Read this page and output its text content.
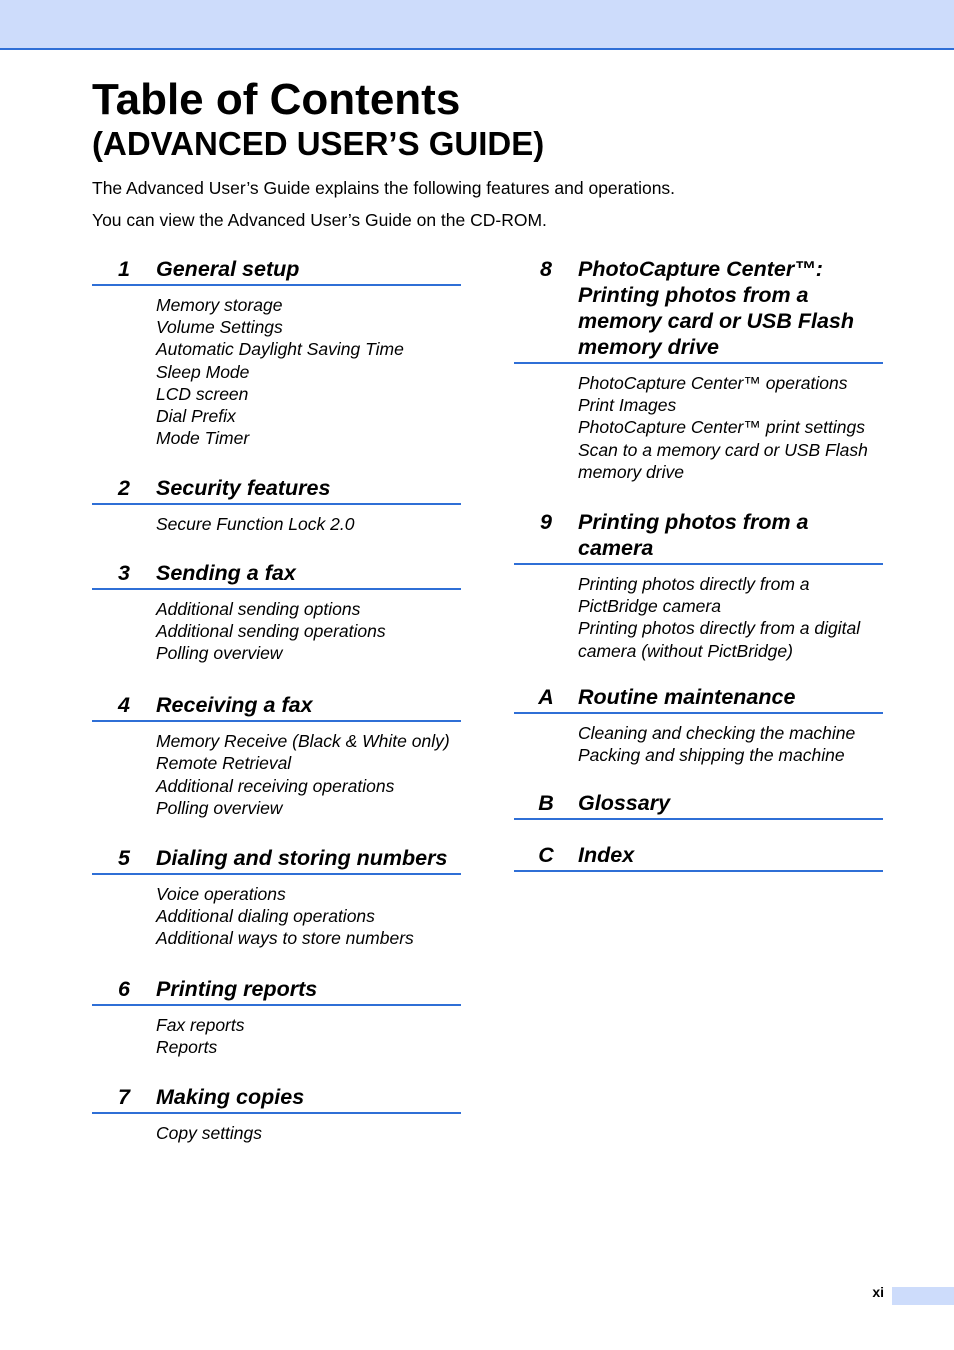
Table of Contents
(ADVANCED USER’S GUIDE)

The Advanced User’s Guide explains the following features and operations.

You can view the Advanced User’s Guide on the CD-ROM.

1	General setup
Memory storage
Volume Settings
Automatic Daylight Saving Time
Sleep Mode
LCD screen
Dial Prefix
Mode Timer
2	Security features
Secure Function Lock 2.0
3	Sending a fax
Additional sending options
Additional sending operations
Polling overview
4	Receiving a fax
Memory Receive (Black & White only)
Remote Retrieval
Additional receiving operations
Polling overview
5	Dialing and storing numbers
Voice operations
Additional dialing operations
Additional ways to store numbers
6	Printing reports
Fax reports
Reports
7	Making copies
Copy settings
8	PhotoCapture Center™: Printing photos from a memory card or USB Flash memory drive
PhotoCapture Center™ operations
Print Images
PhotoCapture Center™ print settings
Scan to a memory card or USB Flash memory drive
9	Printing photos from a camera
Printing photos directly from a PictBridge camera
Printing photos directly from a digital camera (without PictBridge)
A	Routine maintenance
Cleaning and checking the machine
Packing and shipping the machine
B	Glossary
C	Index
xi
